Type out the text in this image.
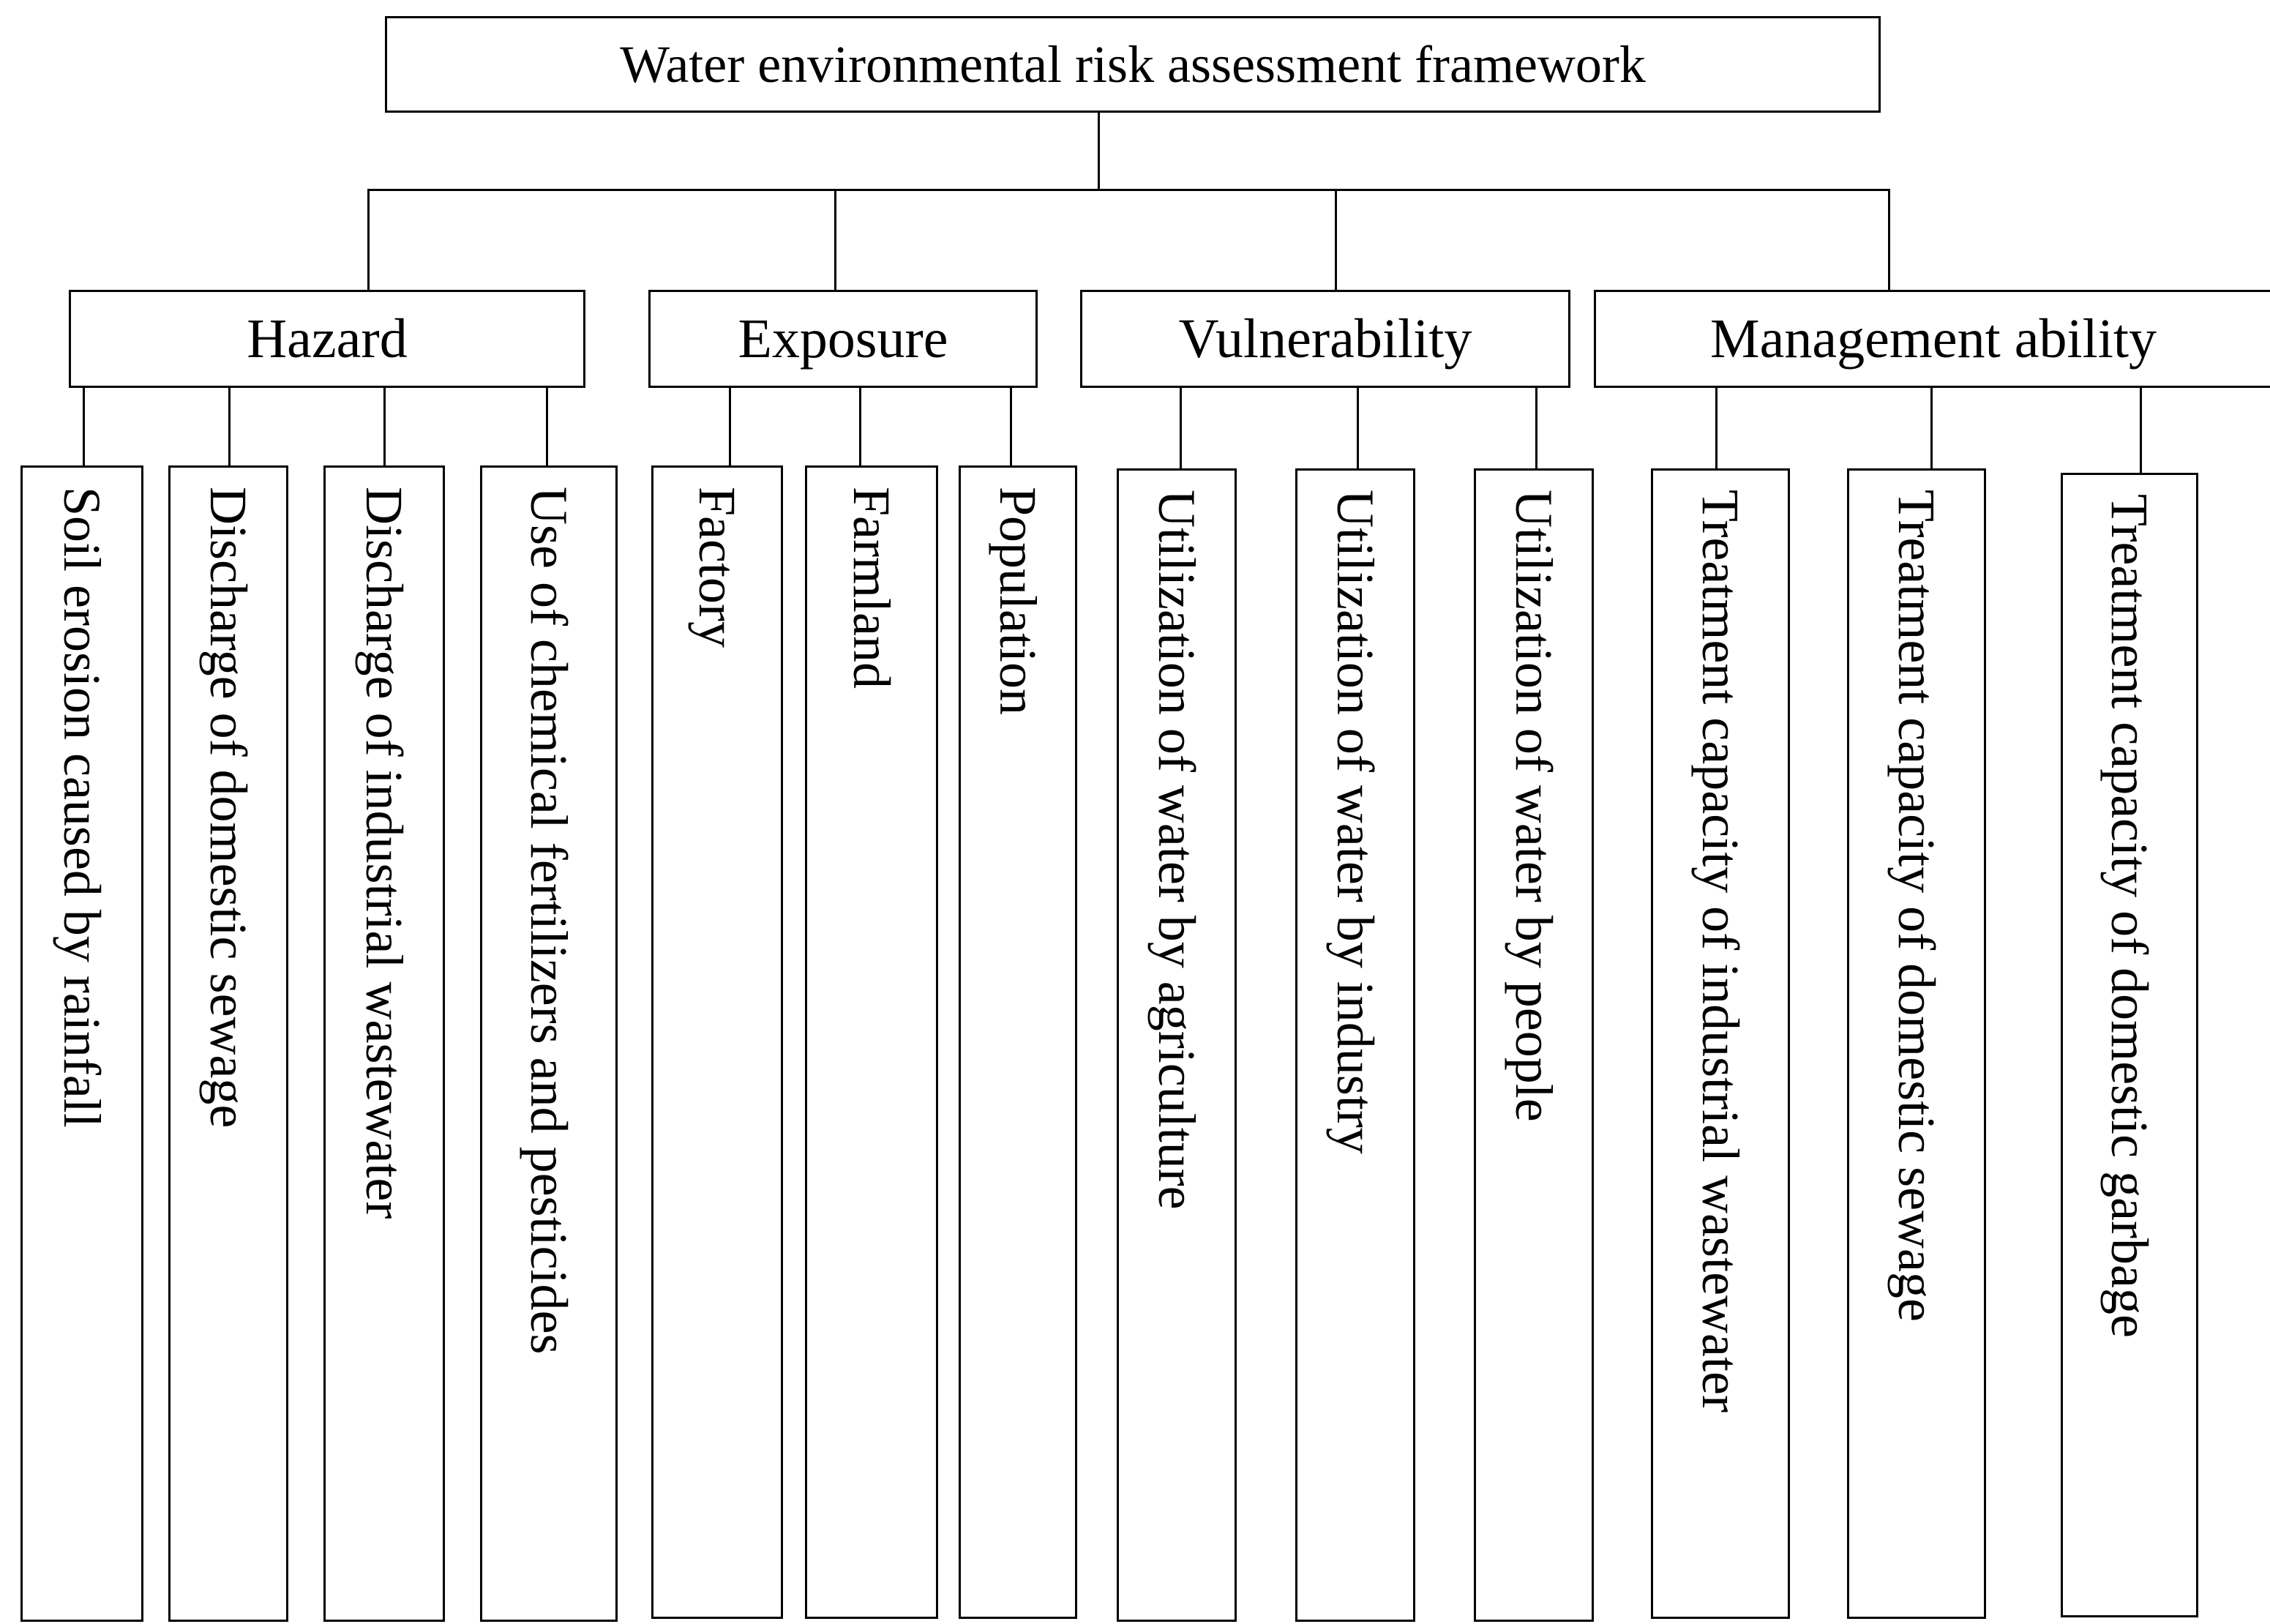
Water environmental risk assessment framework
Hazard	Exposure	Vulnerability	Management ability
Soil erosion caused by rainfall Discharge of domestic sewage Discharge of industrial wastewater Use of chemical fertilizers and pesticides Factory Farmland Population Utilization of water by agriculture Utilization of water by industry Utilization of water by people Treatment capacity of industrial wastewater	Treatment capacity of domestic sewage	Treatment capacity of domestic garbage
